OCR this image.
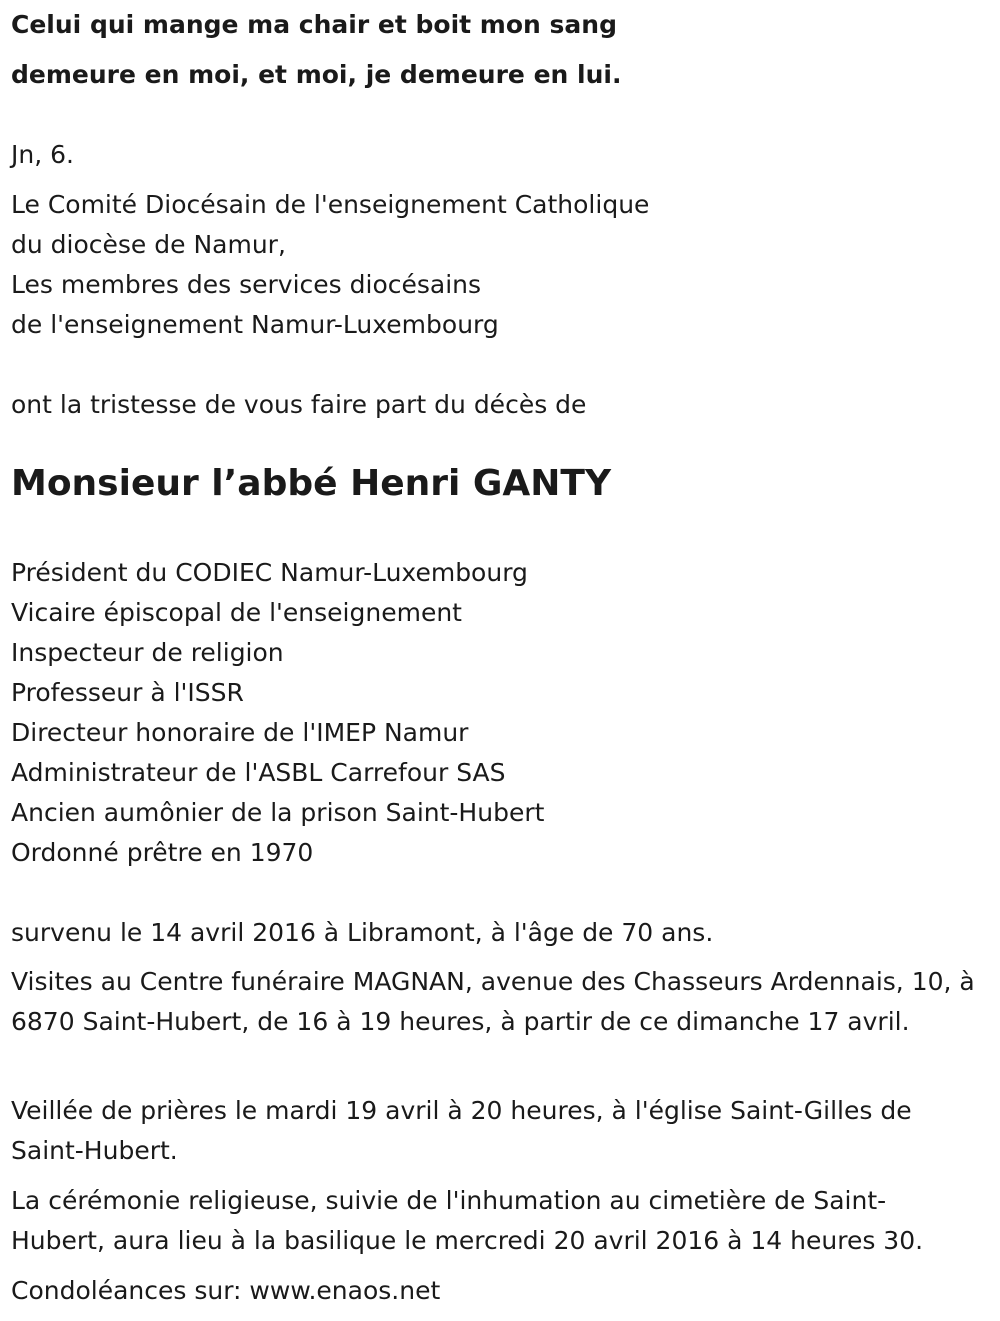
Celui qui mange ma chair et boit mon sang
demeure en moi, et moi, je demeure en lui.
Jn, 6.
Le Comité Diocésain de l'enseignement Catholique
du diocèse de Namur,
Les membres des services diocésains
de l'enseignement Namur-Luxembourg
ont la tristesse de vous faire part du décès de
Monsieur l’abbé Henri GANTY
Président du CODIEC Namur-Luxembourg
Vicaire épiscopal de l'enseignement
Inspecteur de religion
Professeur à l'ISSR
Directeur honoraire de l'IMEP Namur
Administrateur de l'ASBL Carrefour SAS
Ancien aumônier de la prison Saint-Hubert
Ordonné prêtre en 1970
survenu le 14 avril 2016 à Libramont, à l'âge de 70 ans.
Visites au Centre funéraire MAGNAN, avenue des Chasseurs Ardennais, 10, à 6870 Saint-Hubert, de 16 à 19 heures, à partir de ce dimanche 17 avril.
Veillée de prières le mardi 19 avril à 20 heures, à l'église Saint-Gilles de Saint-Hubert.
La cérémonie religieuse, suivie de l'inhumation au cimetière de Saint-Hubert, aura lieu à la basilique le mercredi 20 avril 2016 à 14 heures 30.
Condoléances sur: www.enaos.net
